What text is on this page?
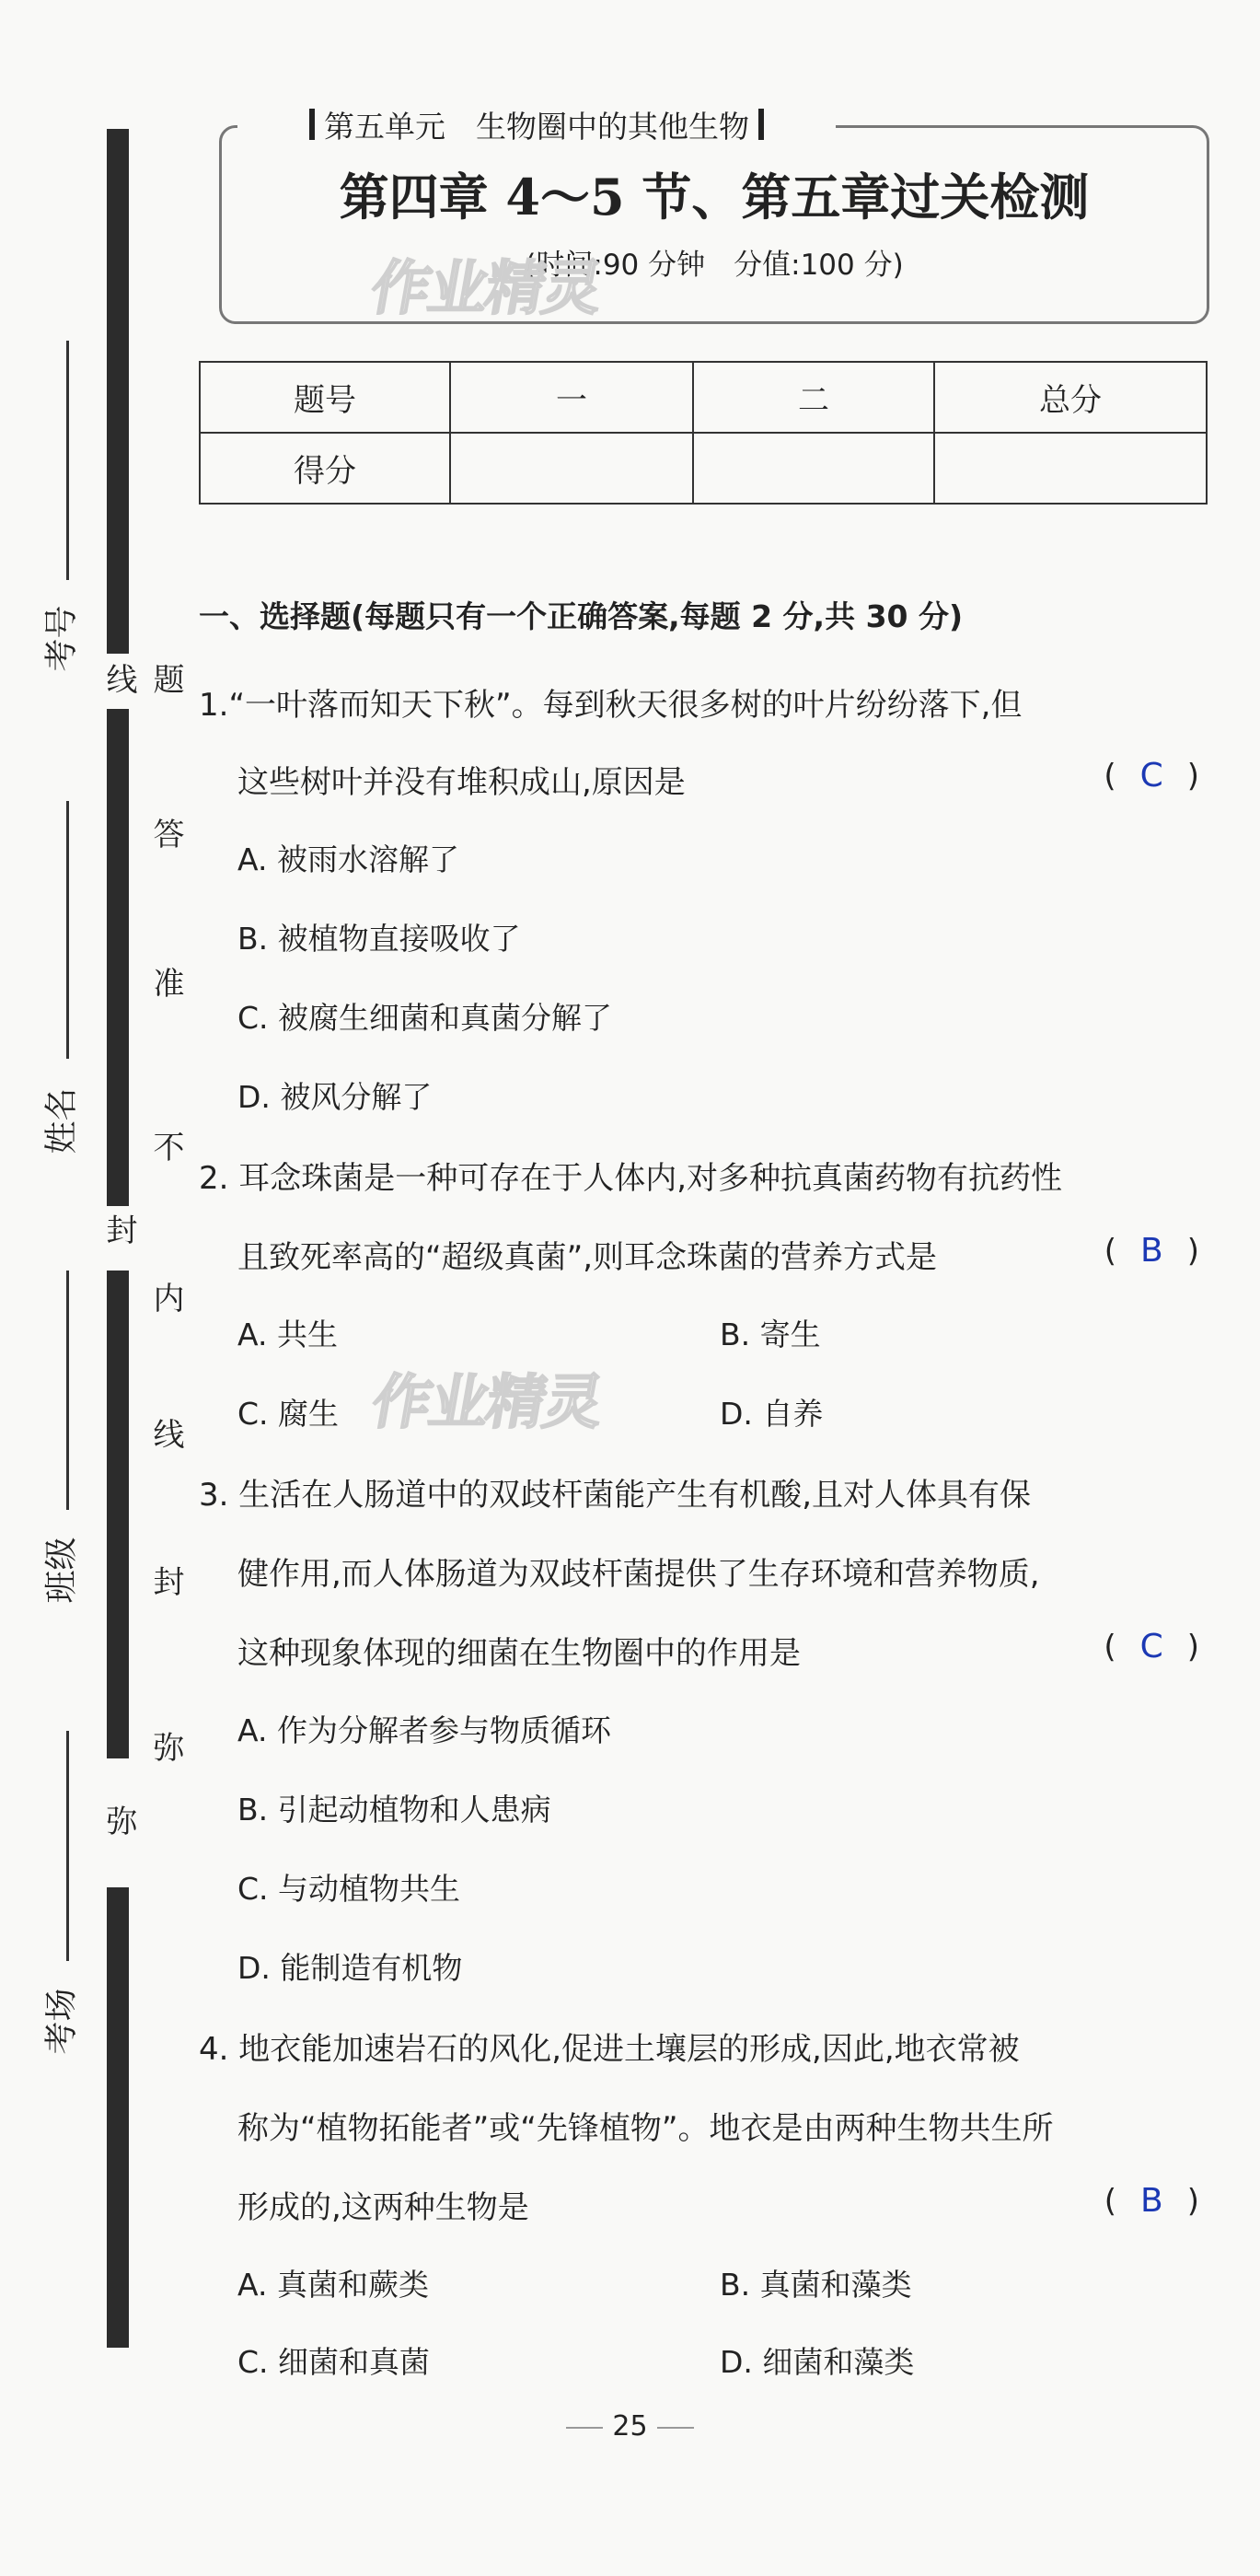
线
封
弥
题
答
准
不
内
线
封
弥
考号
姓名
班级
考场
第五单元　生物圈中的其他生物
第四章 4～5 节、第五章过关检测
(时间:90 分钟　分值:100 分)
作业精灵
题号	一	二	总分
得分			
一、选择题(每题只有一个正确答案,每题 2 分,共 30 分)
1.“一叶落而知天下秋”。每到秋天很多树的叶片纷纷落下,但
这些树叶并没有堆积成山,原因是	( C )
A. 被雨水溶解了
B. 被植物直接吸收了
C. 被腐生细菌和真菌分解了
D. 被风分解了
2. 耳念珠菌是一种可存在于人体内,对多种抗真菌药物有抗药性
且致死率高的“超级真菌”,则耳念珠菌的营养方式是	( B )
A. 共生	B. 寄生
C. 腐生	D. 自养
作业精灵
3. 生活在人肠道中的双歧杆菌能产生有机酸,且对人体具有保
健作用,而人体肠道为双歧杆菌提供了生存环境和营养物质,
这种现象体现的细菌在生物圈中的作用是	( C )
A. 作为分解者参与物质循环
B. 引起动植物和人患病
C. 与动植物共生
D. 能制造有机物
4. 地衣能加速岩石的风化,促进土壤层的形成,因此,地衣常被
称为“植物拓能者”或“先锋植物”。地衣是由两种生物共生所
形成的,这两种生物是	( B )
A. 真菌和蕨类	B. 真菌和藻类
C. 细菌和真菌	D. 细菌和藻类
25
